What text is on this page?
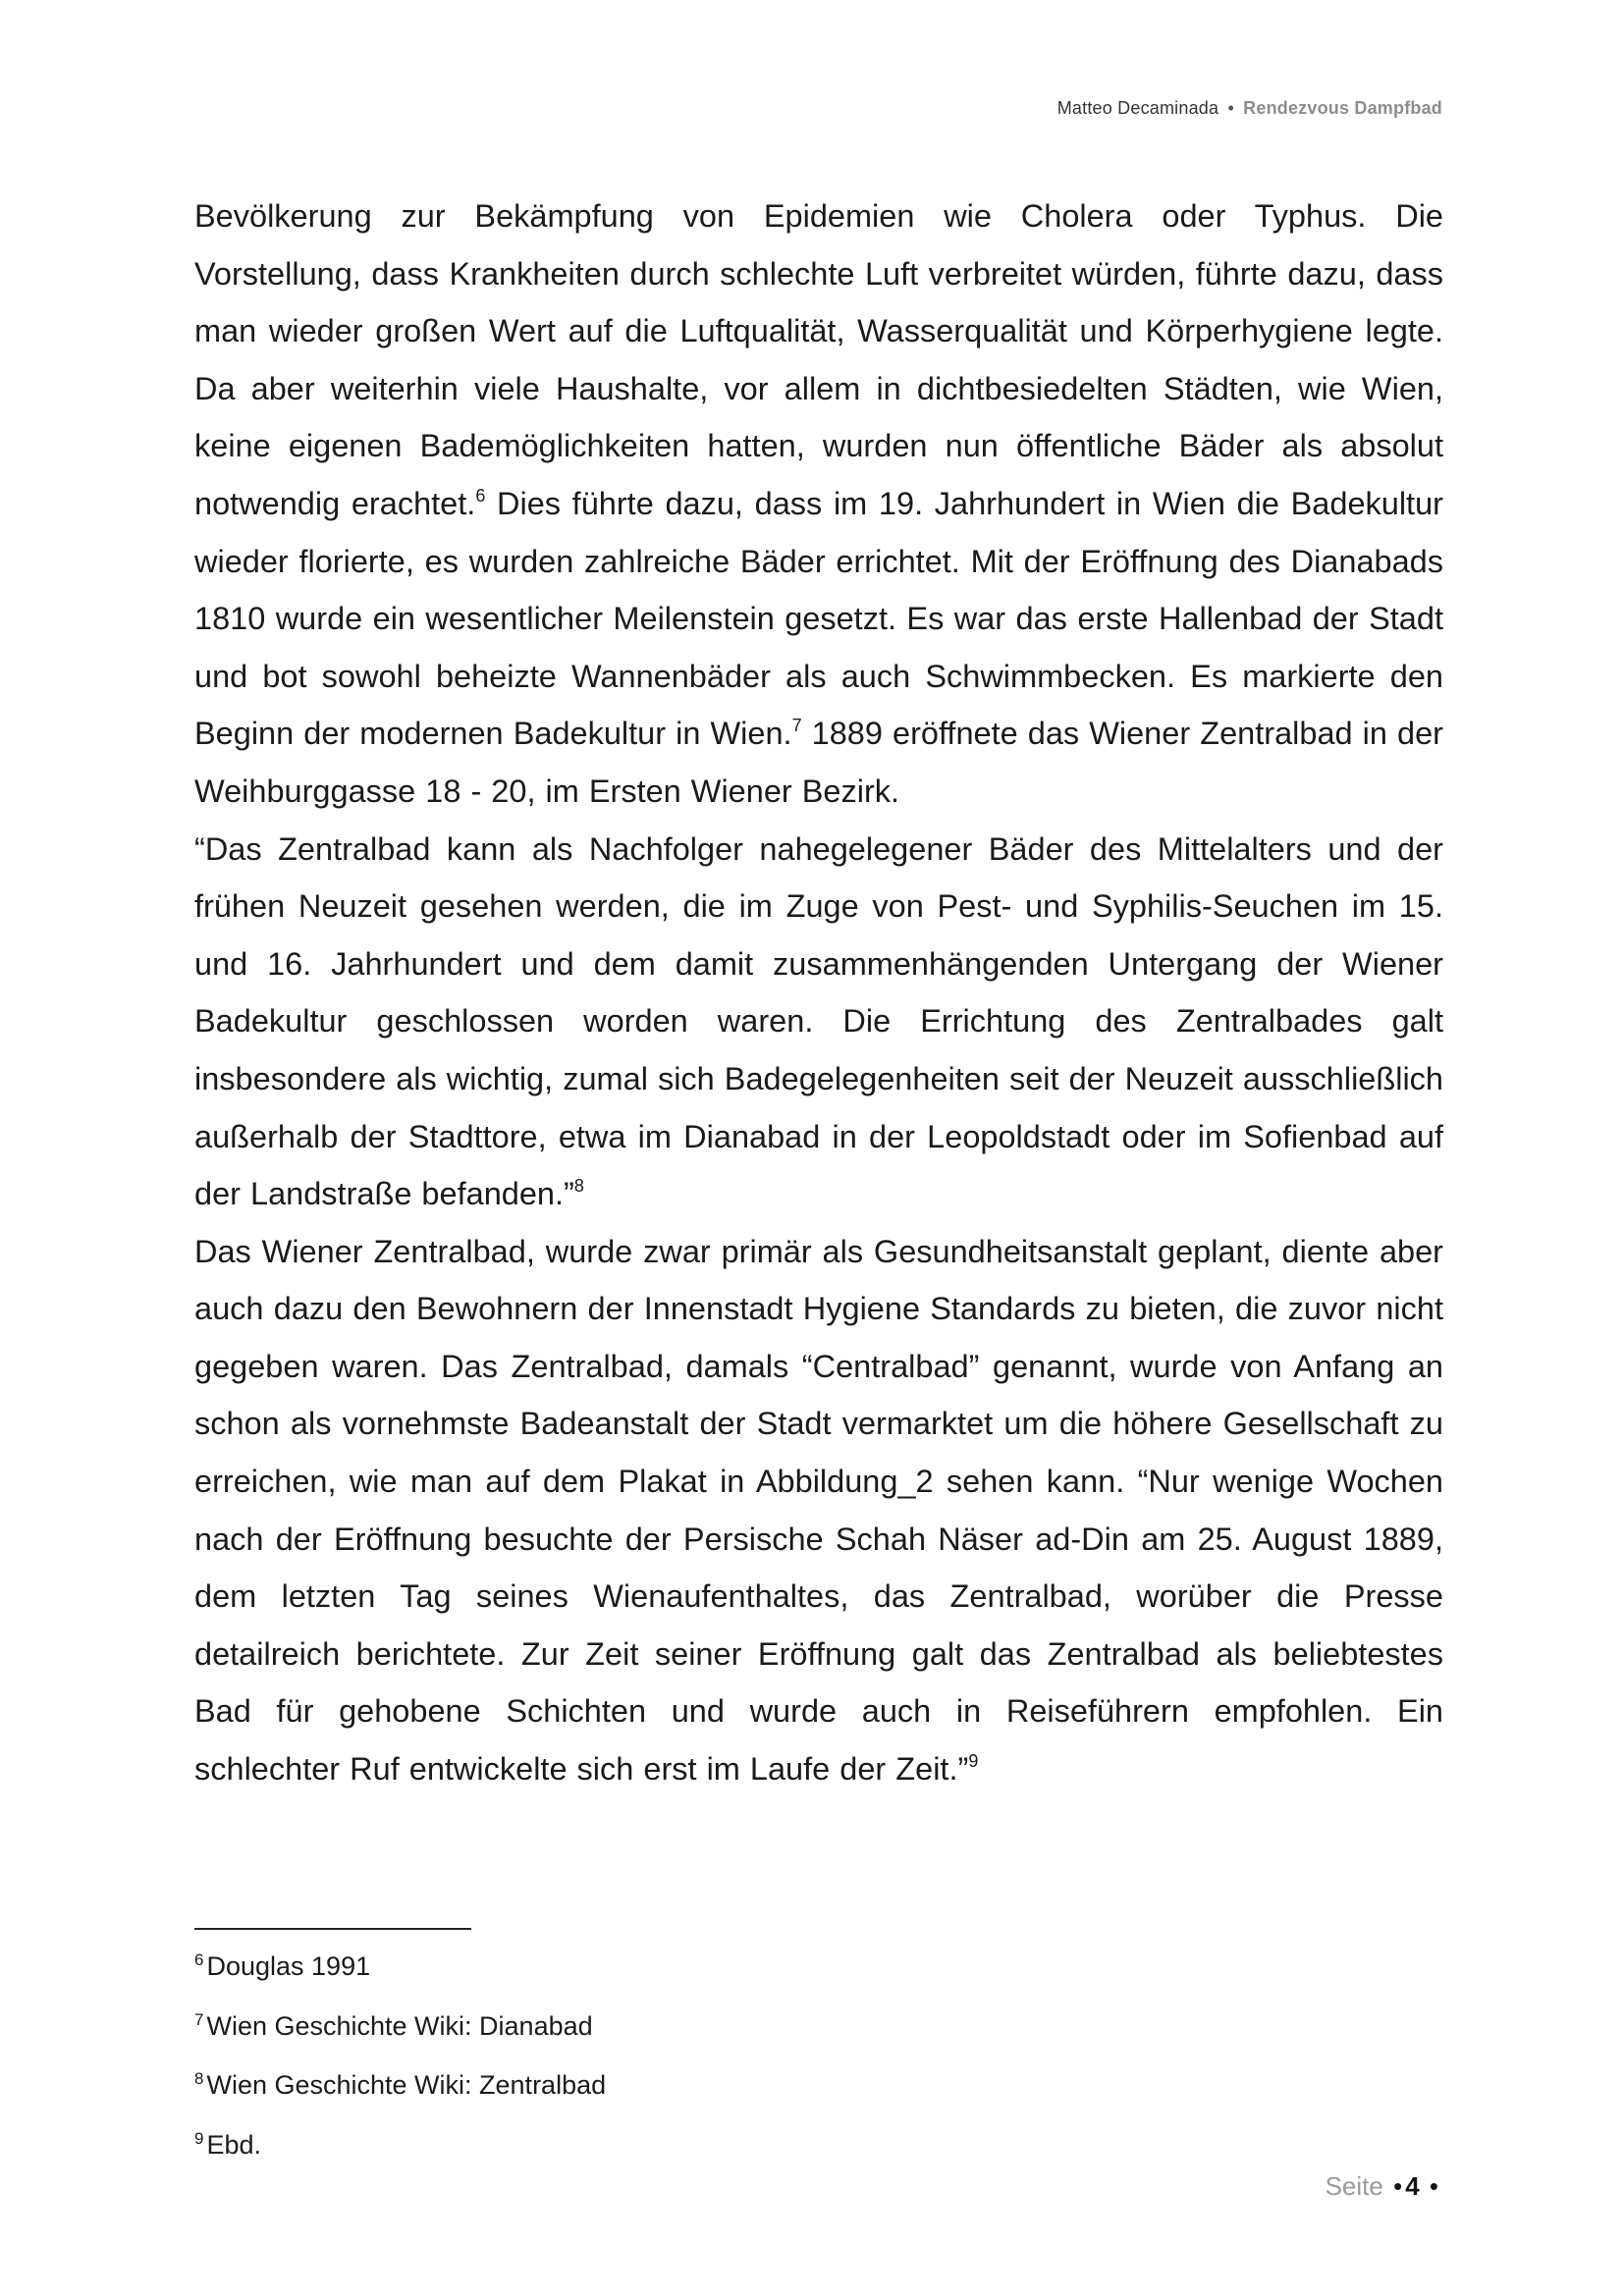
Matteo Decaminada • Rendezvous Dampfbad

Bevölkerung zur Bekämpfung von Epidemien wie Cholera oder Typhus. Die Vorstellung, dass Krankheiten durch schlechte Luft verbreitet würden, führte dazu, dass man wieder großen Wert auf die Luftqualität, Wasserqualität und Körperhygiene legte. Da aber weiterhin viele Haushalte, vor allem in dichtbesiedelten Städten, wie Wien, keine eigenen Bademöglichkeiten hatten, wurden nun öffentliche Bäder als absolut notwendig erachtet.$^6$ Dies führte dazu, dass im 19. Jahrhundert in Wien die Badekultur wieder florierte, es wurden zahlreiche Bäder errichtet. Mit der Eröffnung des Dianabads 1810 wurde ein wesentlicher Meilenstein gesetzt. Es war das erste Hallenbad der Stadt und bot sowohl beheizte Wannenbäder als auch Schwimmbecken. Es markierte den Beginn der modernen Badekultur in Wien.$^7$ 1889 eröffnete das Wiener Zentralbad in der Weihburggasse 18 - 20, im Ersten Wiener Bezirk.

“Das Zentralbad kann als Nachfolger nahegelegener Bäder des Mittelalters und der frühen Neuzeit gesehen werden, die im Zuge von Pest- und Syphilis-Seuchen im 15. und 16. Jahrhundert und dem damit zusammenhängenden Untergang der Wiener Badekultur geschlossen worden waren. Die Errichtung des Zentralbades galt insbesondere als wichtig, zumal sich Badegelegenheiten seit der Neuzeit ausschließlich außerhalb der Stadttore, etwa im Dianabad in der Leopoldstadt oder im Sofienbad auf der Landstraße befanden.”$^8$

Das Wiener Zentralbad, wurde zwar primär als Gesundheitsanstalt geplant, diente aber auch dazu den Bewohnern der Innenstadt Hygiene Standards zu bieten, die zuvor nicht gegeben waren. Das Zentralbad, damals “Centralbad” genannt, wurde von Anfang an schon als vornehmste Badeanstalt der Stadt vermarktet um die höhere Gesellschaft zu erreichen, wie man auf dem Plakat in Abbildung_2 sehen kann. “Nur wenige Wochen nach der Eröffnung besuchte der Persische Schah Näser ad-Din am 25. August 1889, dem letzten Tag seines Wienaufenthaltes, das Zentralbad, worüber die Presse detailreich berichtete. Zur Zeit seiner Eröffnung galt das Zentralbad als beliebtestes Bad für gehobene Schichten und wurde auch in Reiseführern empfohlen. Ein schlechter Ruf entwickelte sich erst im Laufe der Zeit.”$^9$

$^6$ Douglas 1991
$^7$ Wien Geschichte Wiki: Dianabad
$^8$ Wien Geschichte Wiki: Zentralbad
$^9$ Ebd.
Seite • 4 •
